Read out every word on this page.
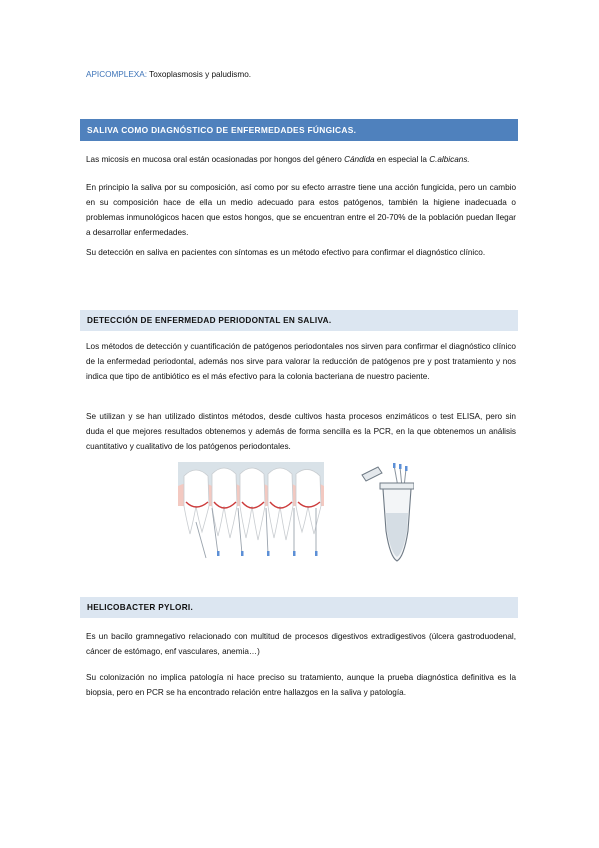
APICOMPLEXA: Toxoplasmosis y paludismo.
SALIVA COMO DIAGNÓSTICO DE ENFERMEDADES FÚNGICAS.

Las micosis en mucosa oral están ocasionadas por hongos del género Cándida en especial la C.albicans.

En principio la saliva por su composición, así como por su efecto arrastre tiene una acción fungicida, pero un cambio en su composición hace de ella un medio adecuado para estos patógenos, también la higiene inadecuada o problemas inmunológicos hacen que estos hongos, que se encuentran entre el 20-70% de la población puedan llegar a desarrollar enfermedades.

Su detección en saliva en pacientes con síntomas es un método efectivo para confirmar el diagnóstico clínico.

DETECCIÓN DE ENFERMEDAD PERIODONTAL EN SALIVA.

Los métodos de detección y cuantificación de patógenos periodontales nos sirven para confirmar el diagnóstico clínico de la enfermedad periodontal, además nos sirve para valorar la reducción de patógenos pre y post tratamiento y nos indica que tipo de antibiótico es el más efectivo para la colonia bacteriana de nuestro paciente.

Se utilizan y se han utilizado distintos métodos, desde cultivos hasta procesos enzimáticos o test ELISA, pero sin duda el que mejores resultados obtenemos y además de forma sencilla es la PCR, en la que obtenemos un análisis cuantitativo y cualitativo de los patógenos periodontales.

HELICOBACTER PYLORI.

Es un bacilo gramnegativo relacionado con multitud de procesos digestivos extradigestivos (úlcera gastroduodenal, cáncer de estómago, enf vasculares, anemia…)

Su colonización no implica patología ni hace preciso su tratamiento, aunque la prueba diagnóstica definitiva es la biopsia, pero en PCR se ha encontrado relación entre hallazgos en la saliva y patología.
